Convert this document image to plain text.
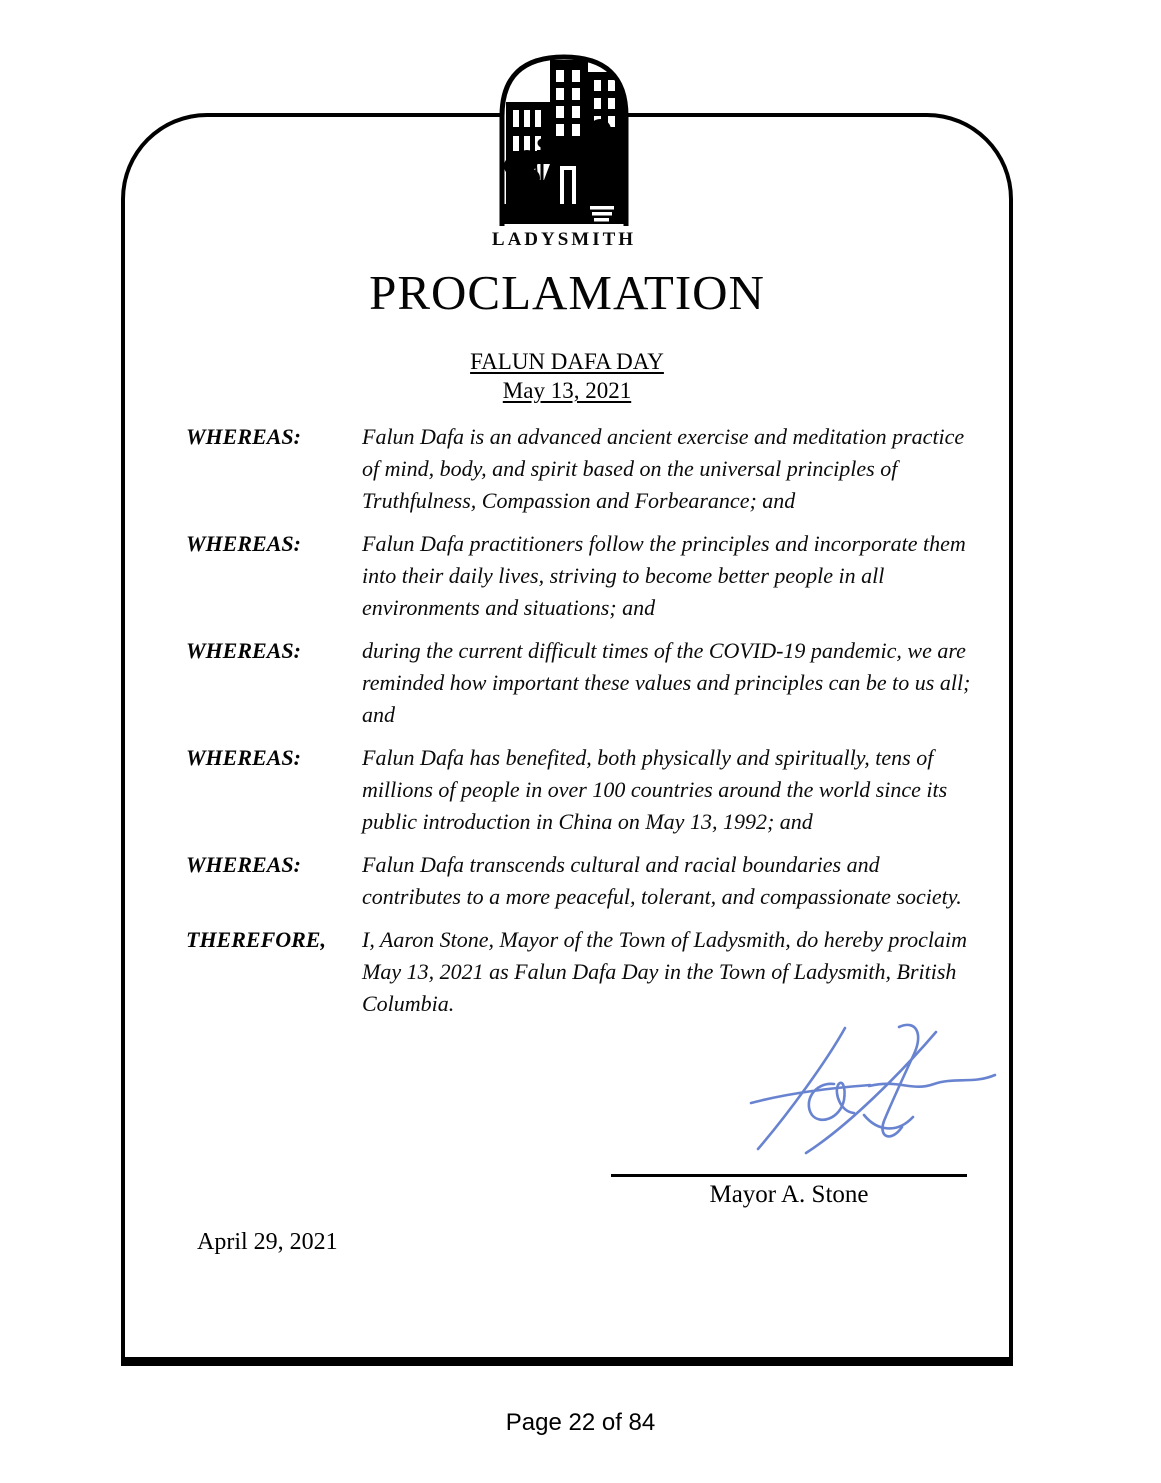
LADYSMITH
PROCLAMATION
FALUN DAFA DAY
May 13, 2021
WHEREAS:	Falun Dafa is an advanced ancient exercise and meditation practice of mind, body, and spirit based on the universal principles of Truthfulness, Compassion and Forbearance; and
WHEREAS:	Falun Dafa practitioners follow the principles and incorporate them into their daily lives, striving to become better people in all environments and situations; and
WHEREAS:	during the current difficult times of the COVID-19 pandemic, we are reminded how important these values and principles can be to us all; and
WHEREAS:	Falun Dafa has benefited, both physically and spiritually, tens of millions of people in over 100 countries around the world since its public introduction in China on May 13, 1992; and
WHEREAS:	Falun Dafa transcends cultural and racial boundaries and contributes to a more peaceful, tolerant, and compassionate society.
THEREFORE,	I, Aaron Stone, Mayor of the Town of Ladysmith, do hereby proclaim May 13, 2021 as Falun Dafa Day in the Town of Ladysmith, British Columbia.
Mayor A. Stone
April 29, 2021
Page 22 of 84
